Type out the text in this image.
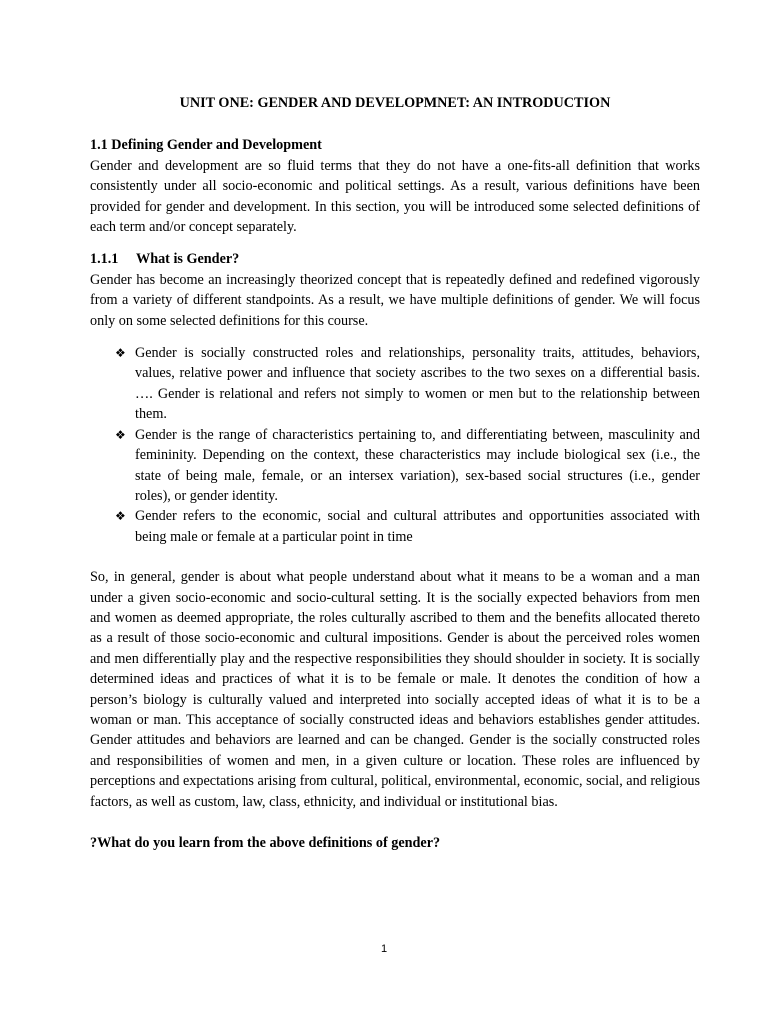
UNIT ONE: GENDER AND DEVELOPMNET: AN INTRODUCTION
1.1 Defining Gender and Development

Gender and development are so fluid terms that they do not have a one-fits-all definition that works consistently under all socio-economic and political settings. As a result, various definitions have been provided for gender and development. In this section, you will be introduced some selected definitions of each term and/or concept separately.

1.1.1 What is Gender?

Gender has become an increasingly theorized concept that is repeatedly defined and redefined vigorously from a variety of different standpoints. As a result, we have multiple definitions of gender. We will focus only on some selected definitions for this course.

❖ Gender is socially constructed roles and relationships, personality traits, attitudes, behaviors, values, relative power and influence that society ascribes to the two sexes on a differential basis. …. Gender is relational and refers not simply to women or men but to the relationship between them.
❖ Gender is the range of characteristics pertaining to, and differentiating between, masculinity and femininity. Depending on the context, these characteristics may include biological sex (i.e., the state of being male, female, or an intersex variation), sex-based social structures (i.e., gender roles), or gender identity.
❖ Gender refers to the economic, social and cultural attributes and opportunities associated with being male or female at a particular point in time

So, in general, gender is about what people understand about what it means to be a woman and a man under a given socio-economic and socio-cultural setting. It is the socially expected behaviors from men and women as deemed appropriate, the roles culturally ascribed to them and the benefits allocated thereto as a result of those socio-economic and cultural impositions. Gender is about the perceived roles women and men differentially play and the respective responsibilities they should shoulder in society. It is socially determined ideas and practices of what it is to be female or male. It denotes the condition of how a person’s biology is culturally valued and interpreted into socially accepted ideas of what it is to be a woman or man. This acceptance of socially constructed ideas and behaviors establishes gender attitudes. Gender attitudes and behaviors are learned and can be changed. Gender is the socially constructed roles and responsibilities of women and men, in a given culture or location. These roles are influenced by perceptions and expectations arising from cultural, political, environmental, economic, social, and religious factors, as well as custom, law, class, ethnicity, and individual or institutional bias.

?What do you learn from the above definitions of gender?
1
